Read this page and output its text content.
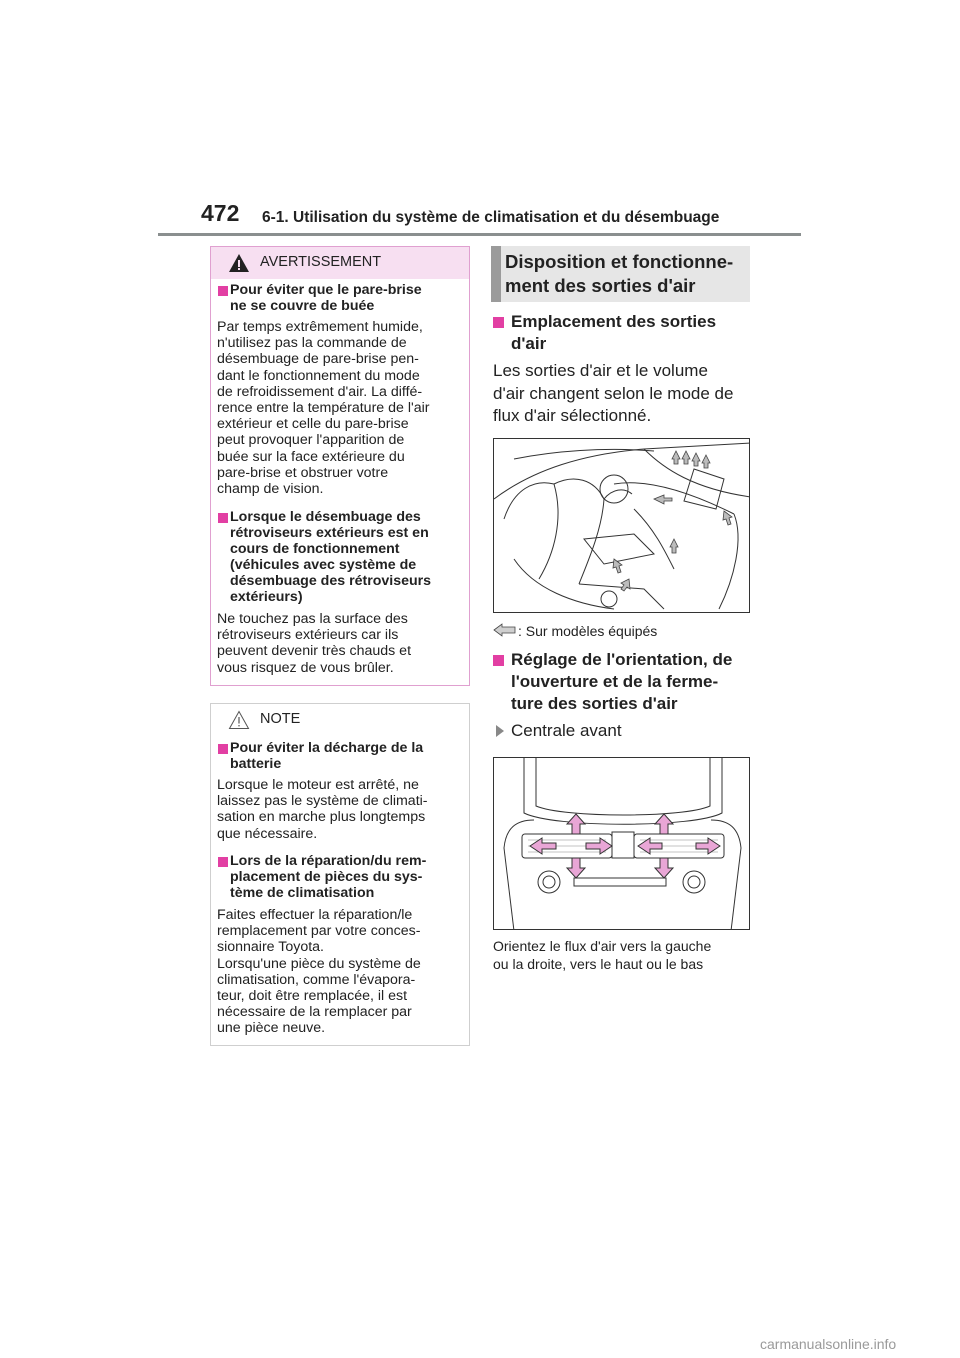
472 6-1. Utilisation du système de climatisation et du désembuage
AVERTISSEMENT
Pour éviter que le pare-brise
ne se couvre de buée
Par temps extrêmement humide,
n'utilisez pas la commande de
désembuage de pare-brise pen-
dant le fonctionnement du mode
de refroidissement d'air. La diffé-
rence entre la température de l'air
extérieur et celle du pare-brise
peut provoquer l'apparition de
buée sur la face extérieure du
pare-brise et obstruer votre
champ de vision.
Lorsque le désembuage des
rétroviseurs extérieurs est en
cours de fonctionnement
(véhicules avec système de
désembuage des rétroviseurs
extérieurs)
Ne touchez pas la surface des
rétroviseurs extérieurs car ils
peuvent devenir très chauds et
vous risquez de vous brûler.
NOTE
Pour éviter la décharge de la
batterie
Lorsque le moteur est arrêté, ne
laissez pas le système de climati-
sation en marche plus longtemps
que nécessaire.
Lors de la réparation/du rem-
placement de pièces du sys-
tème de climatisation
Faites effectuer la réparation/le
remplacement par votre conces-
sionnaire Toyota.
Lorsqu'une pièce du système de
climatisation, comme l'évapora-
teur, doit être remplacée, il est
nécessaire de la remplacer par
une pièce neuve.
Disposition et fonctionne-
ment des sorties d'air
Emplacement des sorties
d'air
Les sorties d'air et le volume
d'air changent selon le mode de
flux d'air sélectionné.
: Sur modèles équipés
Réglage de l'orientation, de
l'ouverture et de la ferme-
ture des sorties d'air
Centrale avant
Orientez le flux d'air vers la gauche
ou la droite, vers le haut ou le bas
carmanualsonline.info
